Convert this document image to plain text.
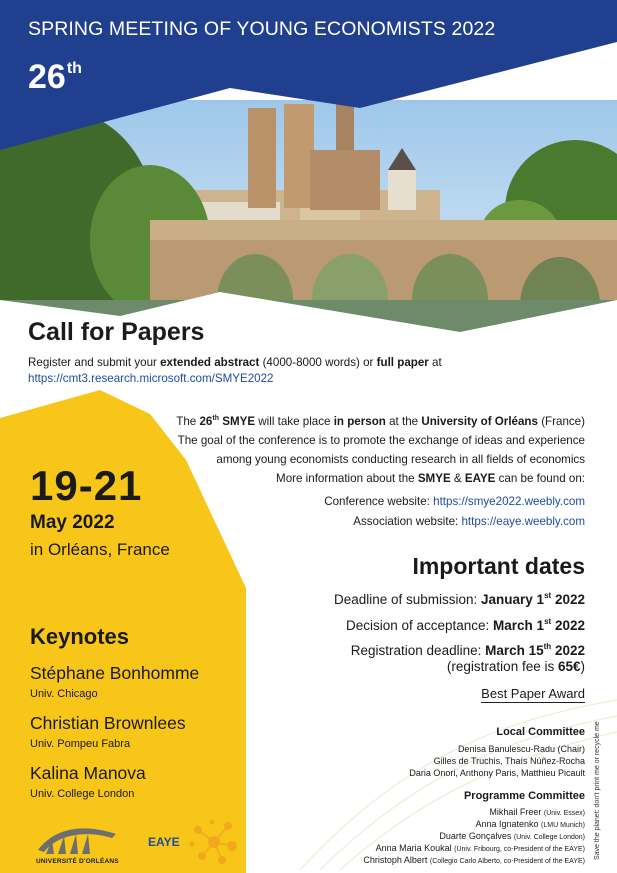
SPRING MEETING OF YOUNG ECONOMISTS 2022
26th
Call for Papers
Register and submit your extended abstract (4000-8000 words) or full paper at
https://cmt3.research.microsoft.com/SMYE2022
The 26th SMYE will take place in person at the University of Orléans (France)
The goal of the conference is to promote the exchange of ideas and experience
among young economists conducting research in all fields of economics
More information about the SMYE & EAYE can be found on:
Conference website: https://smye2022.weebly.com
Association website: https://eaye.weebly.com
19-21
May 2022
in Orléans, France
Keynotes
Stéphane Bonhomme
Univ. Chicago
Christian Brownlees
Univ. Pompeu Fabra
Kalina Manova
Univ. College London
Important dates
Deadline of submission: January 1st 2022
Decision of acceptance: March 1st 2022
Registration deadline: March 15th 2022
(registration fee is 65€)
Best Paper Award
Local Committee
Denisa Banulescu-Radu (Chair)
Gilles de Truchis, Thaís Núñez-Rocha
Daria Onori, Anthony Paris, Matthieu Picault
Programme Committee
Mikhail Freer (Univ. Essex)
Anna Ignatenko (LMU Munich)
Duarte Gonçalves (Univ. College London)
Anna Maria Koukal (Univ. Fribourg, co-President of the EAYE)
Christoph Albert (Collegio Carlo Alberto, co-President of the EAYE)
Save the planet: don't print me or recycle me
UNIVERSITÉ D'ORLÉANS
EAYE
